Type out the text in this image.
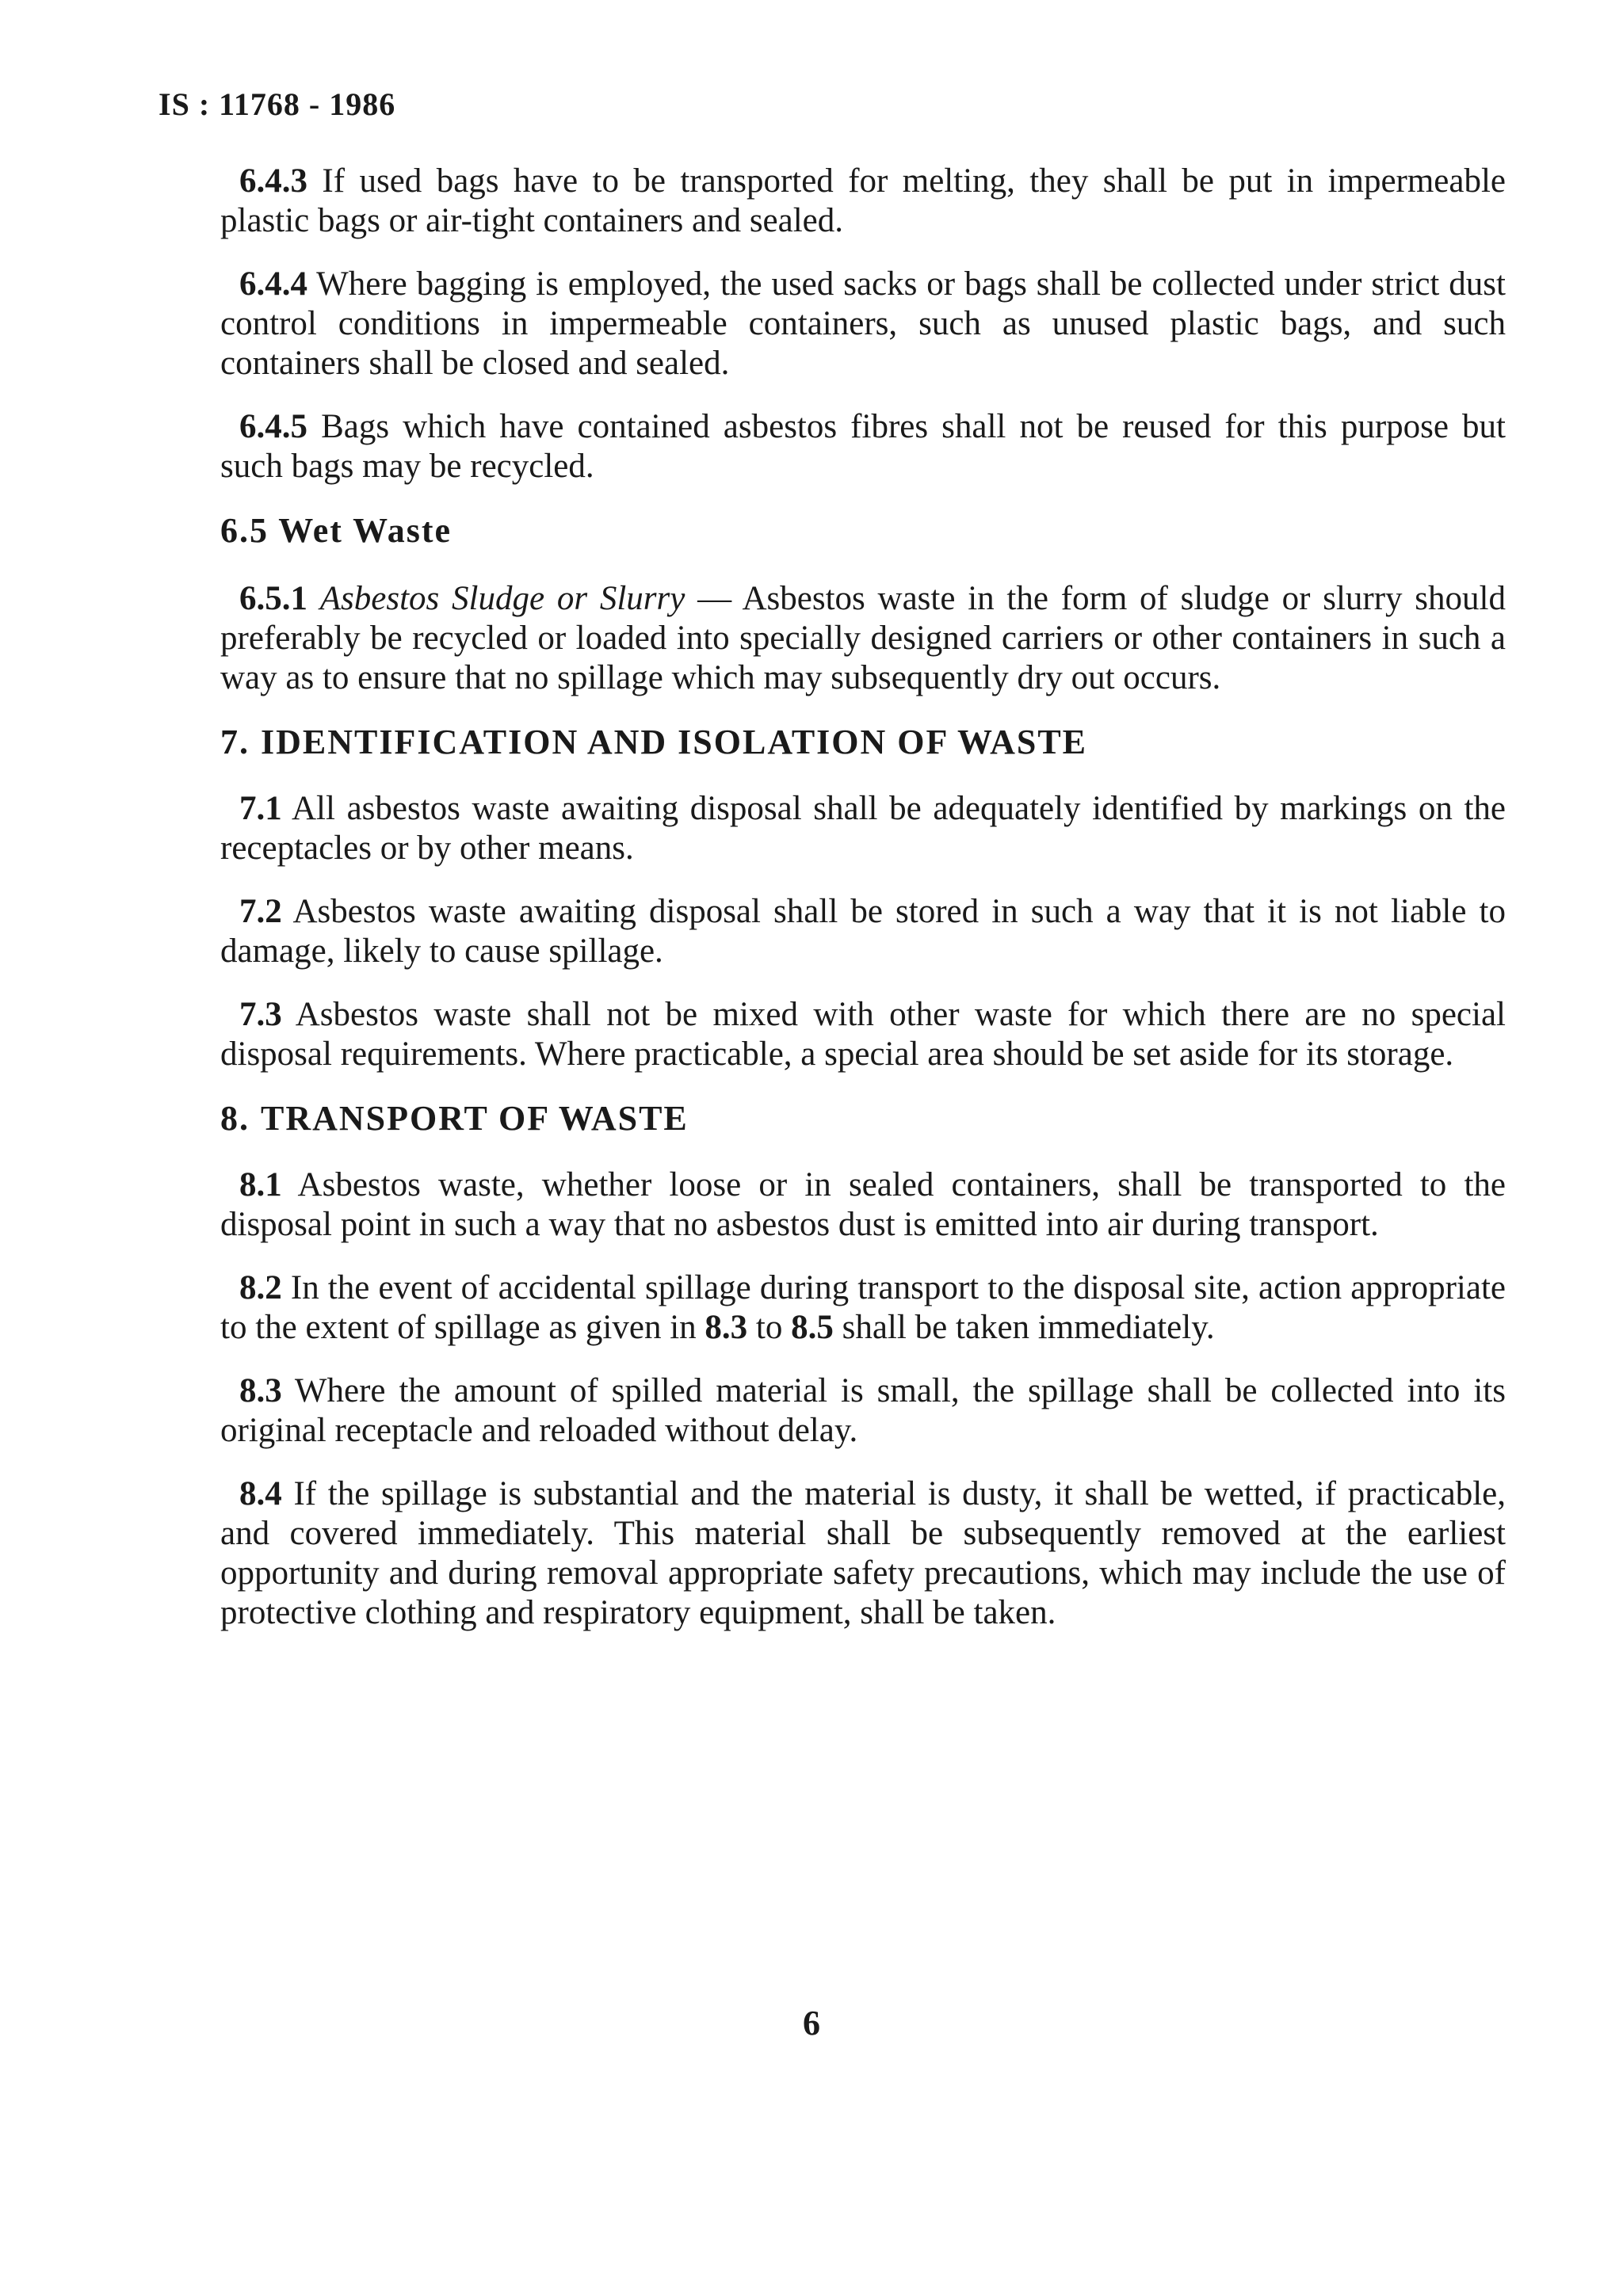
IS : 11768 - 1986

6.4.3 If used bags have to be transported for melting, they shall be put in impermeable plastic bags or air-tight containers and sealed.

6.4.4 Where bagging is employed, the used sacks or bags shall be collected under strict dust control conditions in impermeable containers, such as unused plastic bags, and such containers shall be closed and sealed.

6.4.5 Bags which have contained asbestos fibres shall not be reused for this purpose but such bags may be recycled.

6.5 Wet Waste

6.5.1 Asbestos Sludge or Slurry — Asbestos waste in the form of sludge or slurry should preferably be recycled or loaded into specially designed carriers or other containers in such a way as to ensure that no spillage which may subsequently dry out occurs.

7. IDENTIFICATION AND ISOLATION OF WASTE

7.1 All asbestos waste awaiting disposal shall be adequately identified by markings on the receptacles or by other means.

7.2 Asbestos waste awaiting disposal shall be stored in such a way that it is not liable to damage, likely to cause spillage.

7.3 Asbestos waste shall not be mixed with other waste for which there are no special disposal requirements. Where practicable, a special area should be set aside for its storage.

8. TRANSPORT OF WASTE

8.1 Asbestos waste, whether loose or in sealed containers, shall be transported to the disposal point in such a way that no asbestos dust is emitted into air during transport.

8.2 In the event of accidental spillage during transport to the disposal site, action appropriate to the extent of spillage as given in 8.3 to 8.5 shall be taken immediately.

8.3 Where the amount of spilled material is small, the spillage shall be collected into its original receptacle and reloaded without delay.

8.4 If the spillage is substantial and the material is dusty, it shall be wetted, if practicable, and covered immediately. This material shall be subsequently removed at the earliest opportunity and during removal appropriate safety precautions, which may include the use of protective clothing and respiratory equipment, shall be taken.

6
